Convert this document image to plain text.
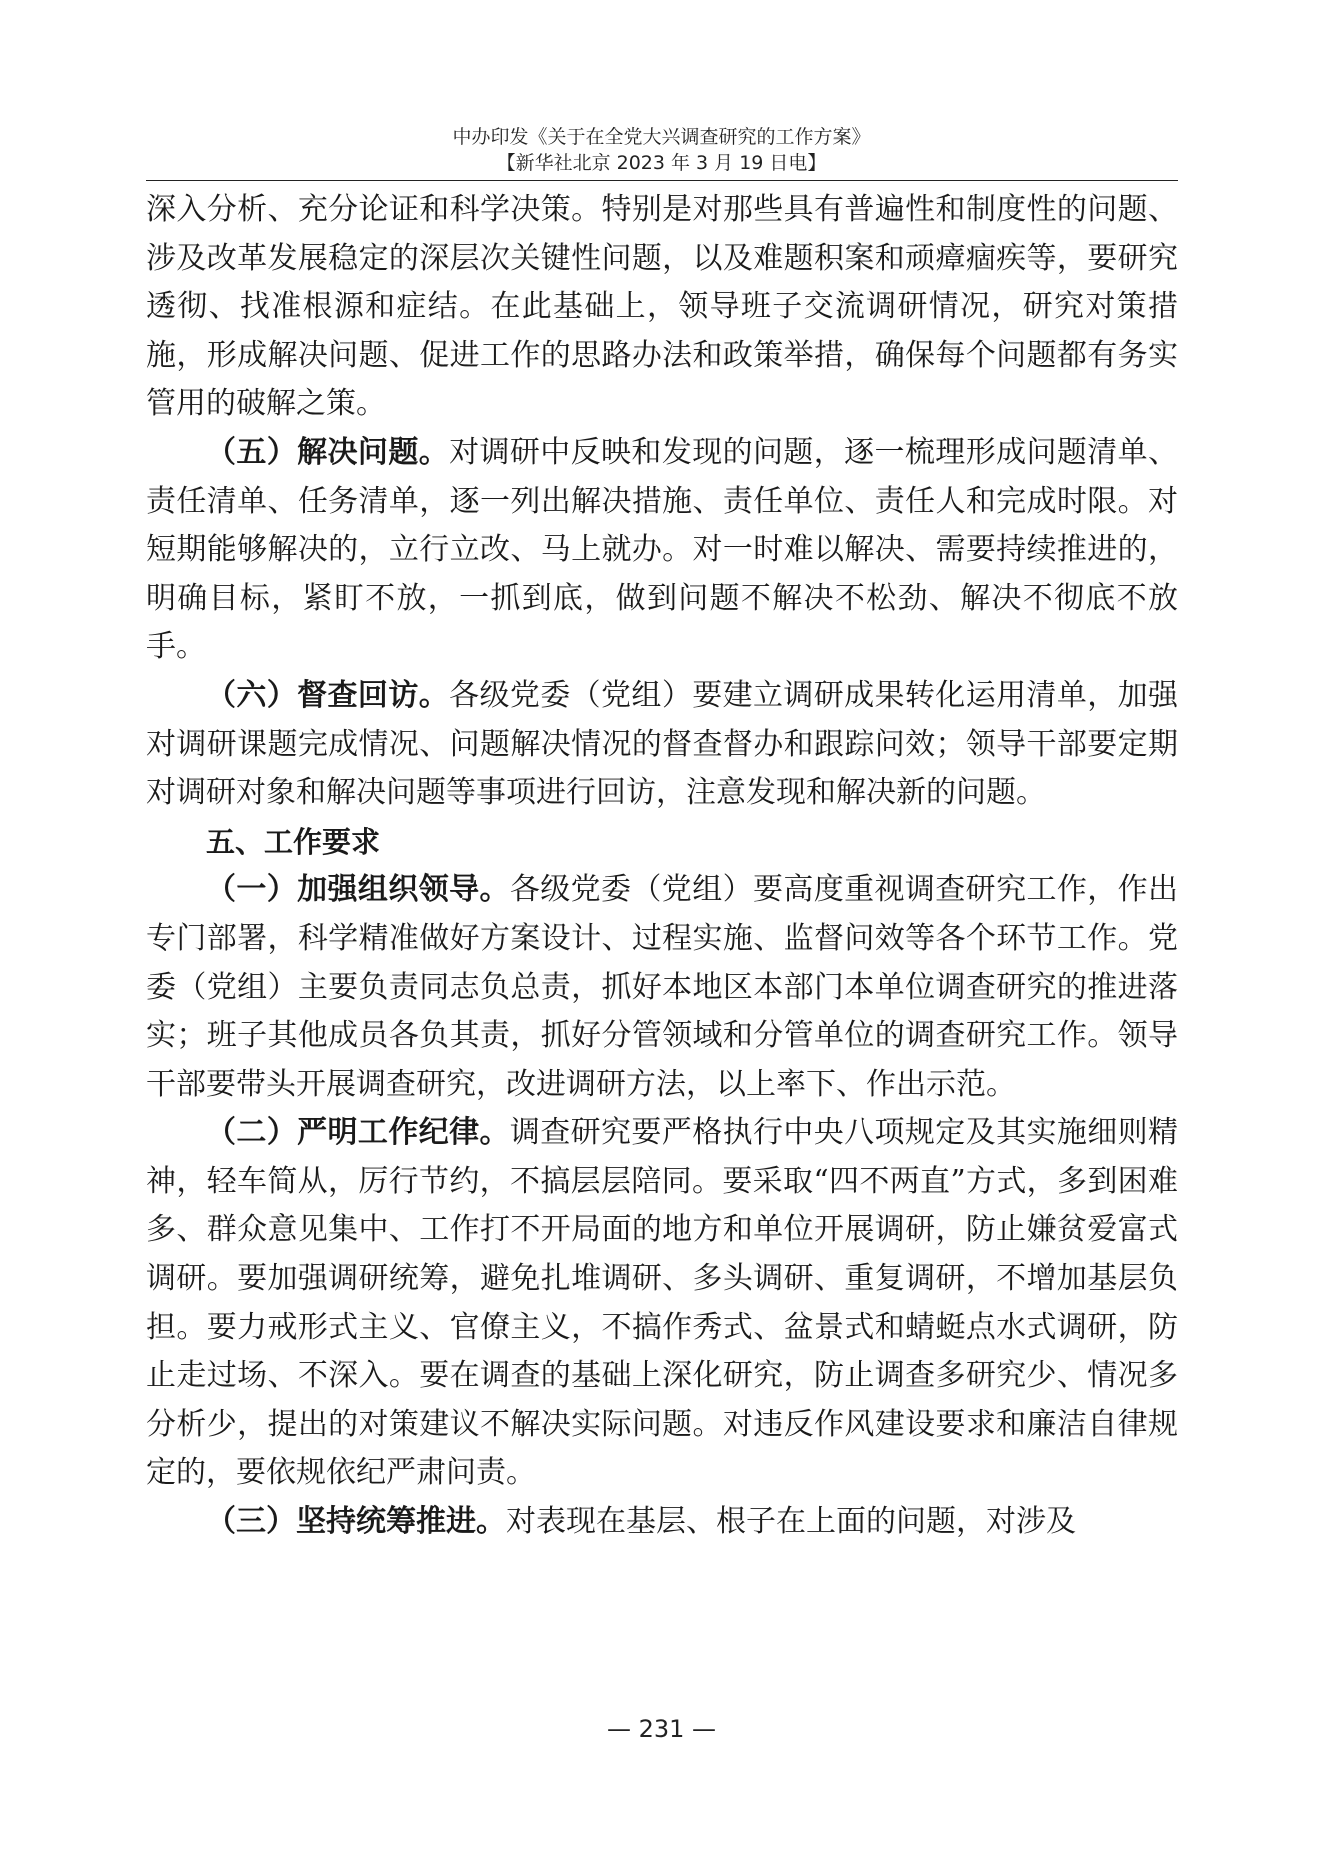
中办印发《关于在全党大兴调查研究的工作方案》
【新华社北京 2023 年 3 月 19 日电】

深入分析、充分论证和科学决策。特别是对那些具有普遍性和制度性的问题、涉及改革发展稳定的深层次关键性问题，以及难题积案和顽瘴痼疾等，要研究透彻、找准根源和症结。在此基础上，领导班子交流调研情况，研究对策措施，形成解决问题、促进工作的思路办法和政策举措，确保每个问题都有务实管用的破解之策。

（五）解决问题。对调研中反映和发现的问题，逐一梳理形成问题清单、责任清单、任务清单，逐一列出解决措施、责任单位、责任人和完成时限。对短期能够解决的，立行立改、马上就办。对一时难以解决、需要持续推进的，明确目标，紧盯不放，一抓到底，做到问题不解决不松劲、解决不彻底不放手。

（六）督查回访。各级党委（党组）要建立调研成果转化运用清单，加强对调研课题完成情况、问题解决情况的督查督办和跟踪问效；领导干部要定期对调研对象和解决问题等事项进行回访，注意发现和解决新的问题。

五、工作要求

（一）加强组织领导。各级党委（党组）要高度重视调查研究工作，作出专门部署，科学精准做好方案设计、过程实施、监督问效等各个环节工作。党委（党组）主要负责同志负总责，抓好本地区本部门本单位调查研究的推进落实；班子其他成员各负其责，抓好分管领域和分管单位的调查研究工作。领导干部要带头开展调查研究，改进调研方法，以上率下、作出示范。

（二）严明工作纪律。调查研究要严格执行中央八项规定及其实施细则精神，轻车简从，厉行节约，不搞层层陪同。要采取“四不两直”方式，多到困难多、群众意见集中、工作打不开局面的地方和单位开展调研，防止嫌贫爱富式调研。要加强调研统筹，避免扎堆调研、多头调研、重复调研，不增加基层负担。要力戒形式主义、官僚主义，不搞作秀式、盆景式和蜻蜓点水式调研，防止走过场、不深入。要在调查的基础上深化研究，防止调查多研究少、情况多分析少，提出的对策建议不解决实际问题。对违反作风建设要求和廉洁自律规定的，要依规依纪严肃问责。

（三）坚持统筹推进。对表现在基层、根子在上面的问题，对涉及

— 231 —
